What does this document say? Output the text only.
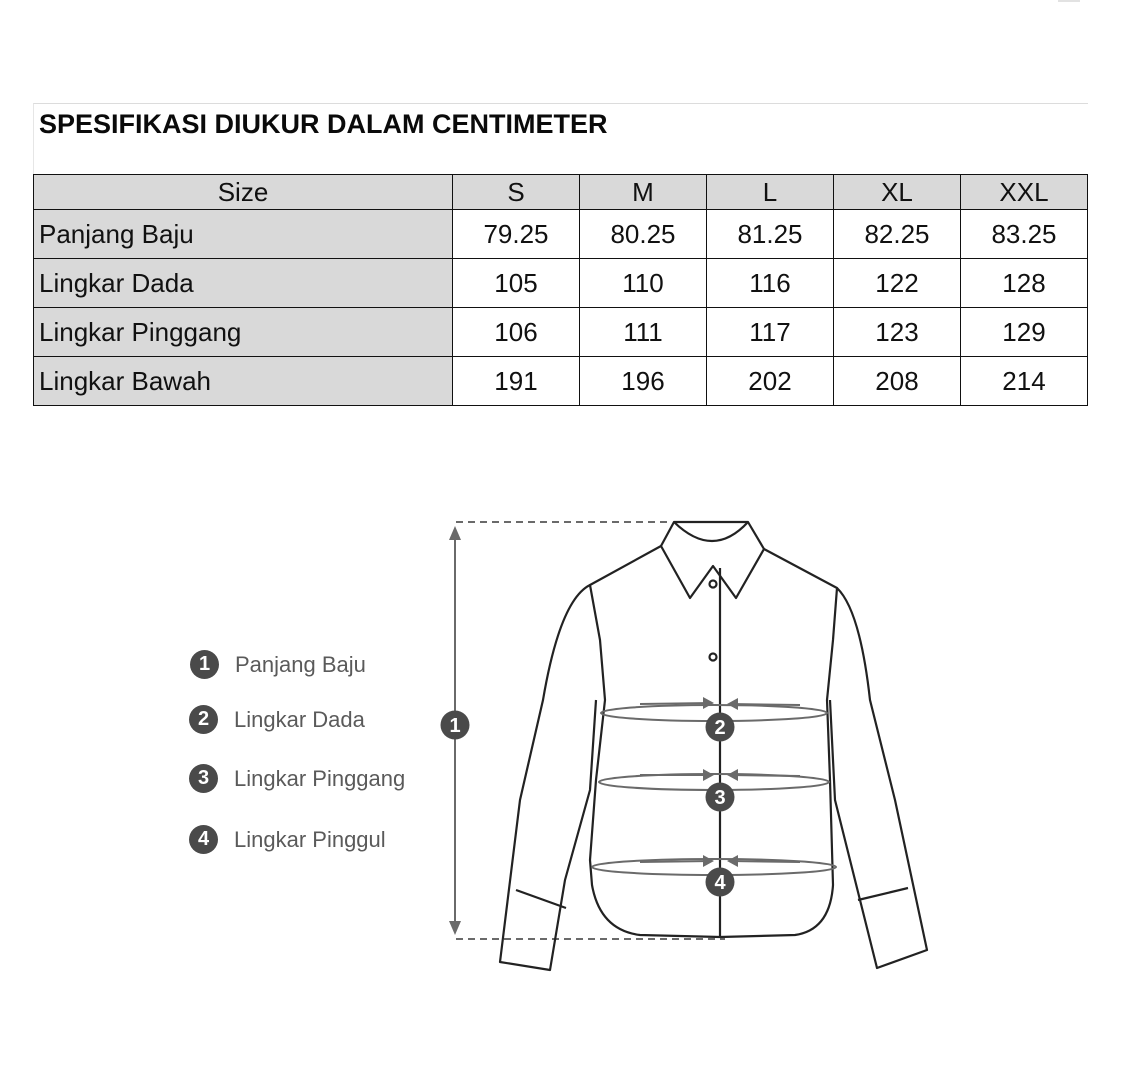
SPESIFIKASI DIUKUR DALAM CENTIMETER
Size	S	M	L	XL	XXL
Panjang Baju	79.25	80.25	81.25	82.25	83.25
Lingkar Dada	105	110	116	122	128
Lingkar Pinggang	106	111	117	123	129
Lingkar Bawah	191	196	202	208	214
1	Panjang Baju
2	Lingkar Dada
3	Lingkar Pinggang
4	Lingkar Pinggul
1	2
3
4
